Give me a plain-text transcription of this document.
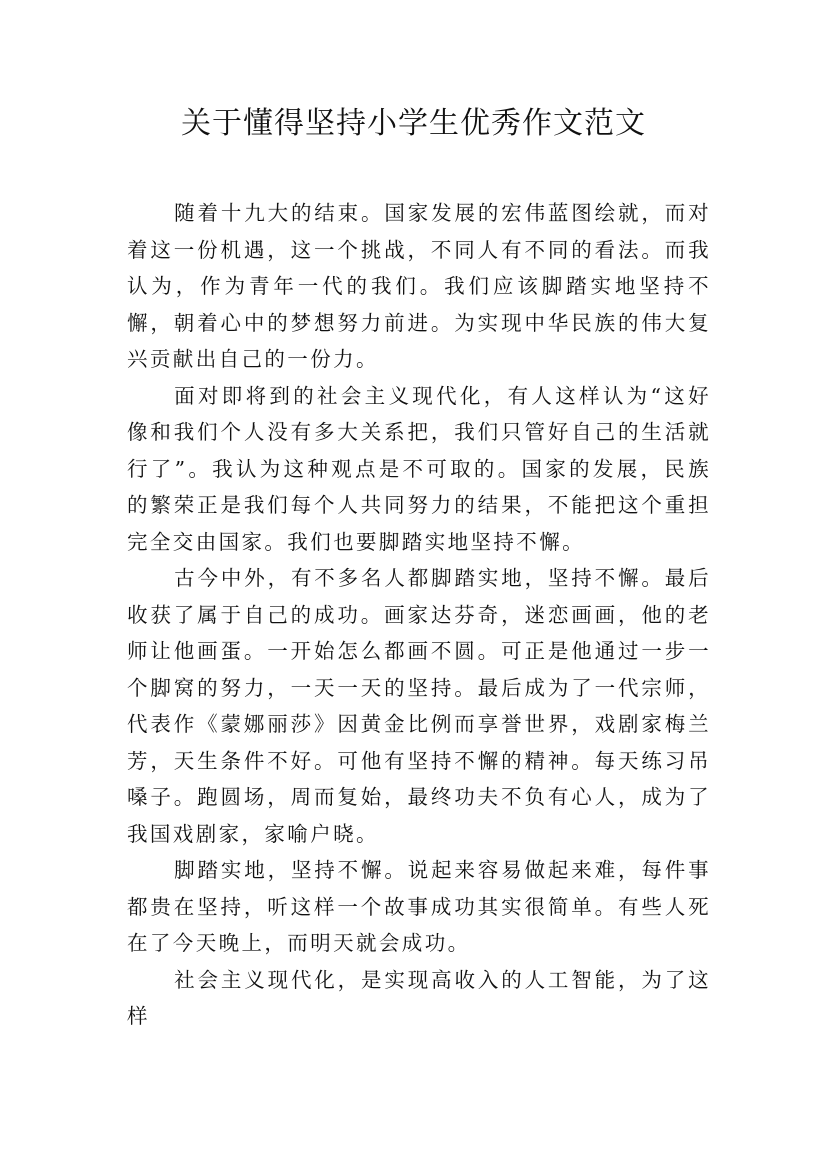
关于懂得坚持小学生优秀作文范文

随着十九大的结束。国家发展的宏伟蓝图绘就，而对着这一份机遇，这一个挑战，不同人有不同的看法。而我认为，作为青年一代的我们。我们应该脚踏实地坚持不懈，朝着心中的梦想努力前进。为实现中华民族的伟大复兴贡献出自己的一份力。

面对即将到的社会主义现代化，有人这样认为“这好像和我们个人没有多大关系把，我们只管好自己的生活就行了”。我认为这种观点是不可取的。国家的发展，民族的繁荣正是我们每个人共同努力的结果，不能把这个重担完全交由国家。我们也要脚踏实地坚持不懈。

古今中外，有不多名人都脚踏实地，坚持不懈。最后收获了属于自己的成功。画家达芬奇，迷恋画画，他的老师让他画蛋。一开始怎么都画不圆。可正是他通过一步一个脚窝的努力，一天一天的坚持。最后成为了一代宗师，代表作《蒙娜丽莎》因黄金比例而享誉世界，戏剧家梅兰芳，天生条件不好。可他有坚持不懈的精神。每天练习吊嗓子。跑圆场，周而复始，最终功夫不负有心人，成为了我国戏剧家，家喻户晓。

脚踏实地，坚持不懈。说起来容易做起来难，每件事都贵在坚持，听这样一个故事成功其实很简单。有些人死在了今天晚上，而明天就会成功。

社会主义现代化，是实现高收入的人工智能，为了这样
